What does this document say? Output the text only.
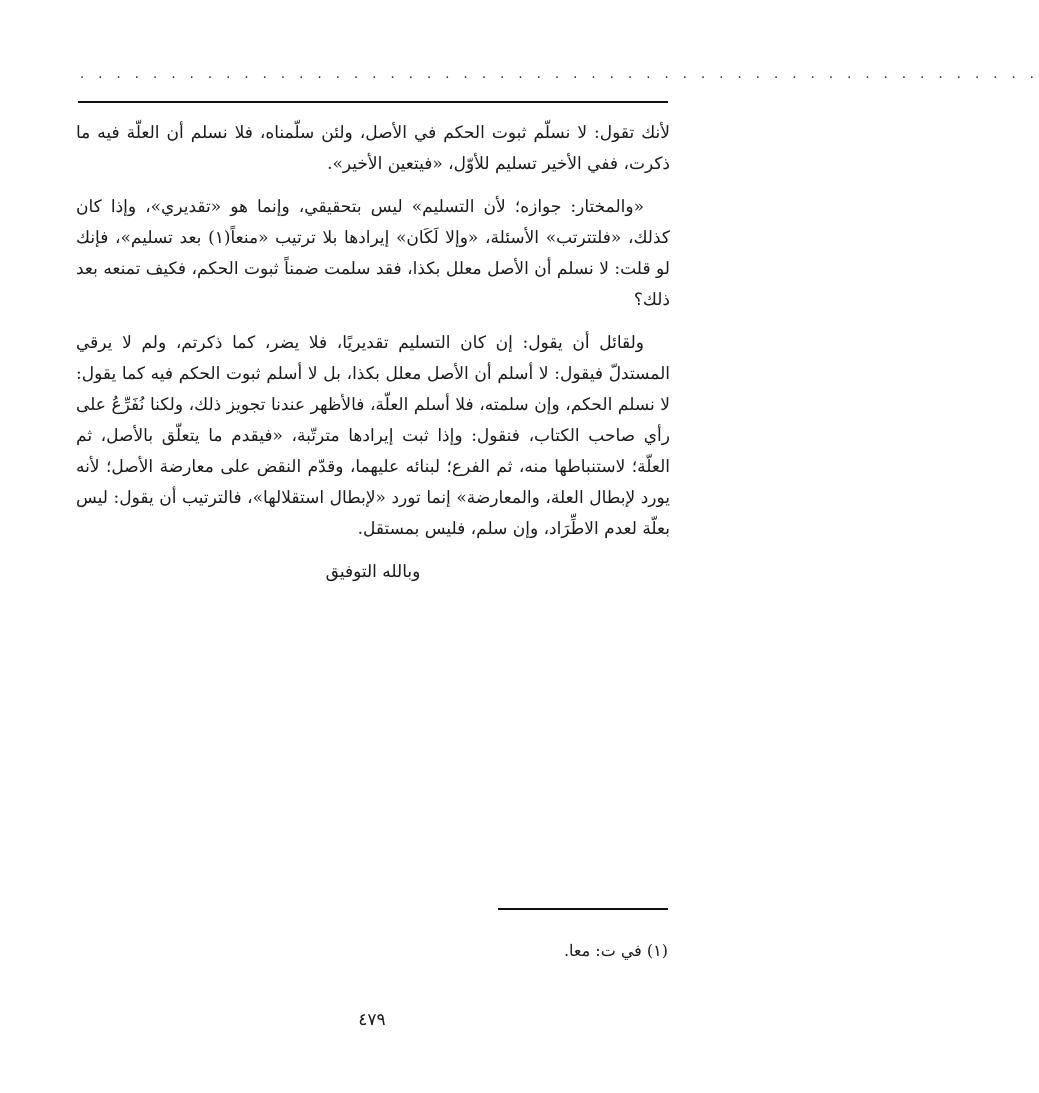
. . . . . . . . . . . . . . . . . . . . . . . . . . . . . . . . . . . . . . . . . . . . . . . . . . . . .

لأنك تقول: لا نسلّم ثبوت الحكم في الأصل، ولئن سلّمناه، فلا نسلم أن العلّة فيه ما ذكرت، ففي الأخير تسليم للأوّل، «فيتعين الأخير».

«والمختار: جوازه؛ لأن التسليم» ليس بتحقيقي، وإنما هو «تقديري»، وإذا كان كذلك، «فلتترتب» الأسئلة، «وإلا لَكَان» إيرادها بلا ترتيب «منعاً(١) بعد تسليم»، فإنك لو قلت: لا نسلم أن الأصل معلل بكذا، فقد سلمت ضمناً ثبوت الحكم، فكيف تمنعه بعد ذلك؟

ولقائل أن يقول: إن كان التسليم تقديريًا، فلا يضر، كما ذكرتم، ولم لا يرقي المستدلّ فيقول: لا أسلم أن الأصل معلل بكذا، بل لا أسلم ثبوت الحكم فيه كما يقول: لا نسلم الحكم، وإن سلمته، فلا أسلم العلّة، فالأظهر عندنا تجويز ذلك، ولكنا نُفَرِّعُ على رأي صاحب الكتاب، فنقول: وإذا ثبت إيرادها مترتّبة، «فيقدم ما يتعلّق بالأصل، ثم العلّة؛ لاستنباطها منه، ثم الفرع؛ لبنائه عليهما، وقدّم النقض على معارضة الأصل؛ لأنه يورد لإبطال العلة، والمعارضة» إنما تورد «لإبطال استقلالها»، فالترتيب أن يقول: ليس بعلّة لعدم الاطِّرَاد، وإن سلم، فليس بمستقل.

وبالله التوفيق

(١) في ت: معا.
٤٧٩
